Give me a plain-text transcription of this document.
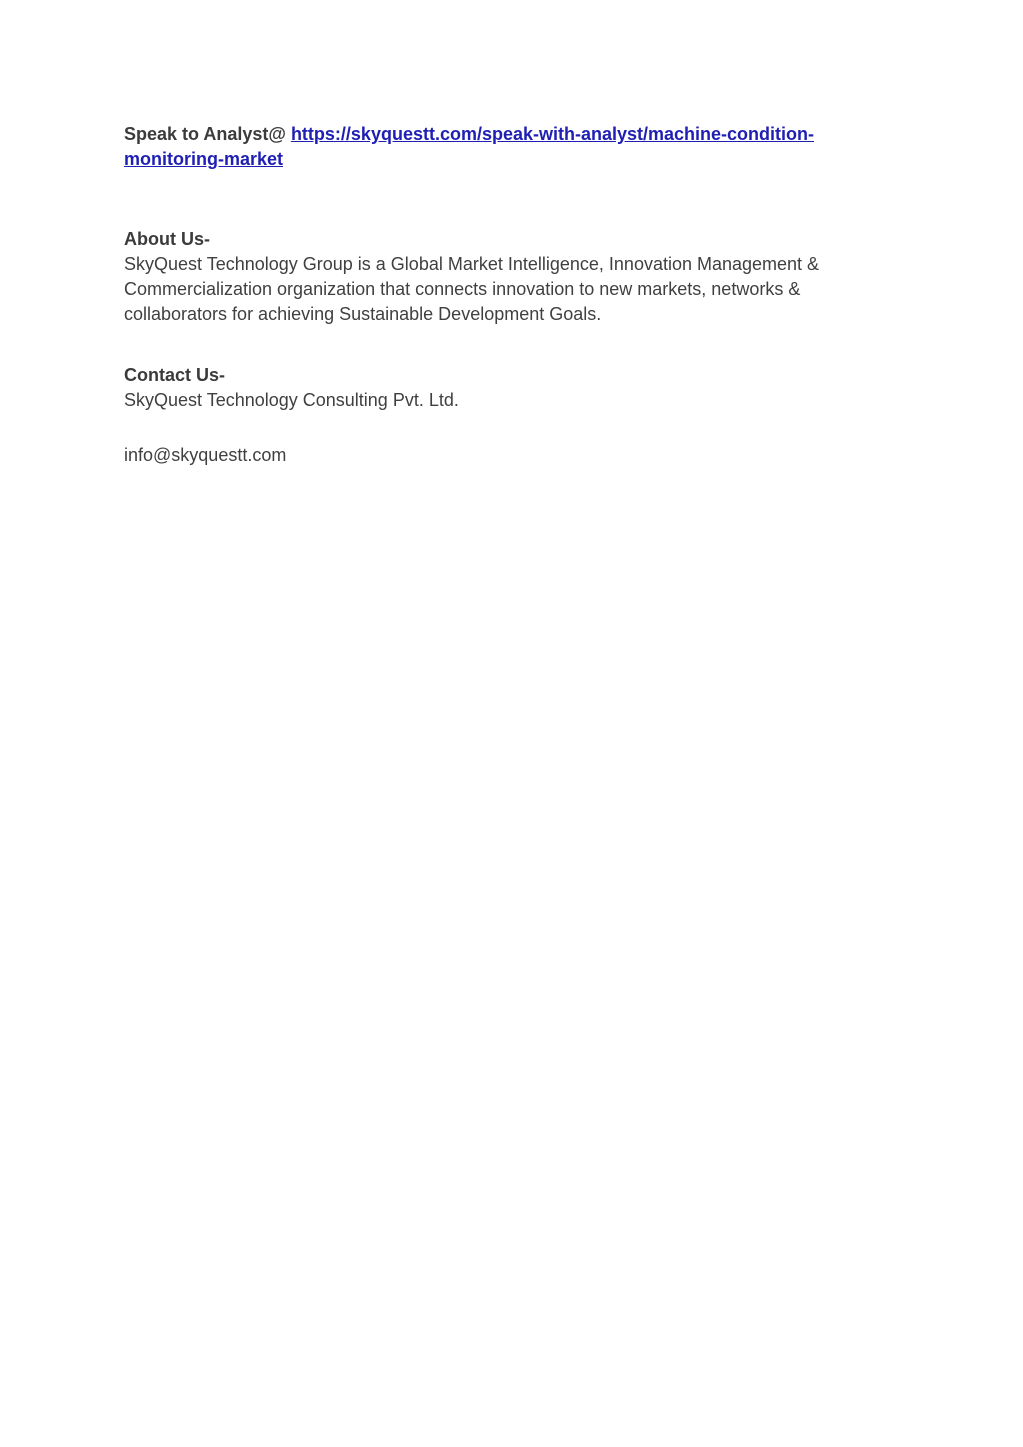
Speak to Analyst@ https://skyquestt.com/speak-with-analyst/machine-condition-
monitoring-market
About Us-
SkyQuest Technology Group is a Global Market Intelligence, Innovation Management &
Commercialization organization that connects innovation to new markets, networks &
collaborators for achieving Sustainable Development Goals.
Contact Us-
SkyQuest Technology Consulting Pvt. Ltd.
info@skyquestt.com
